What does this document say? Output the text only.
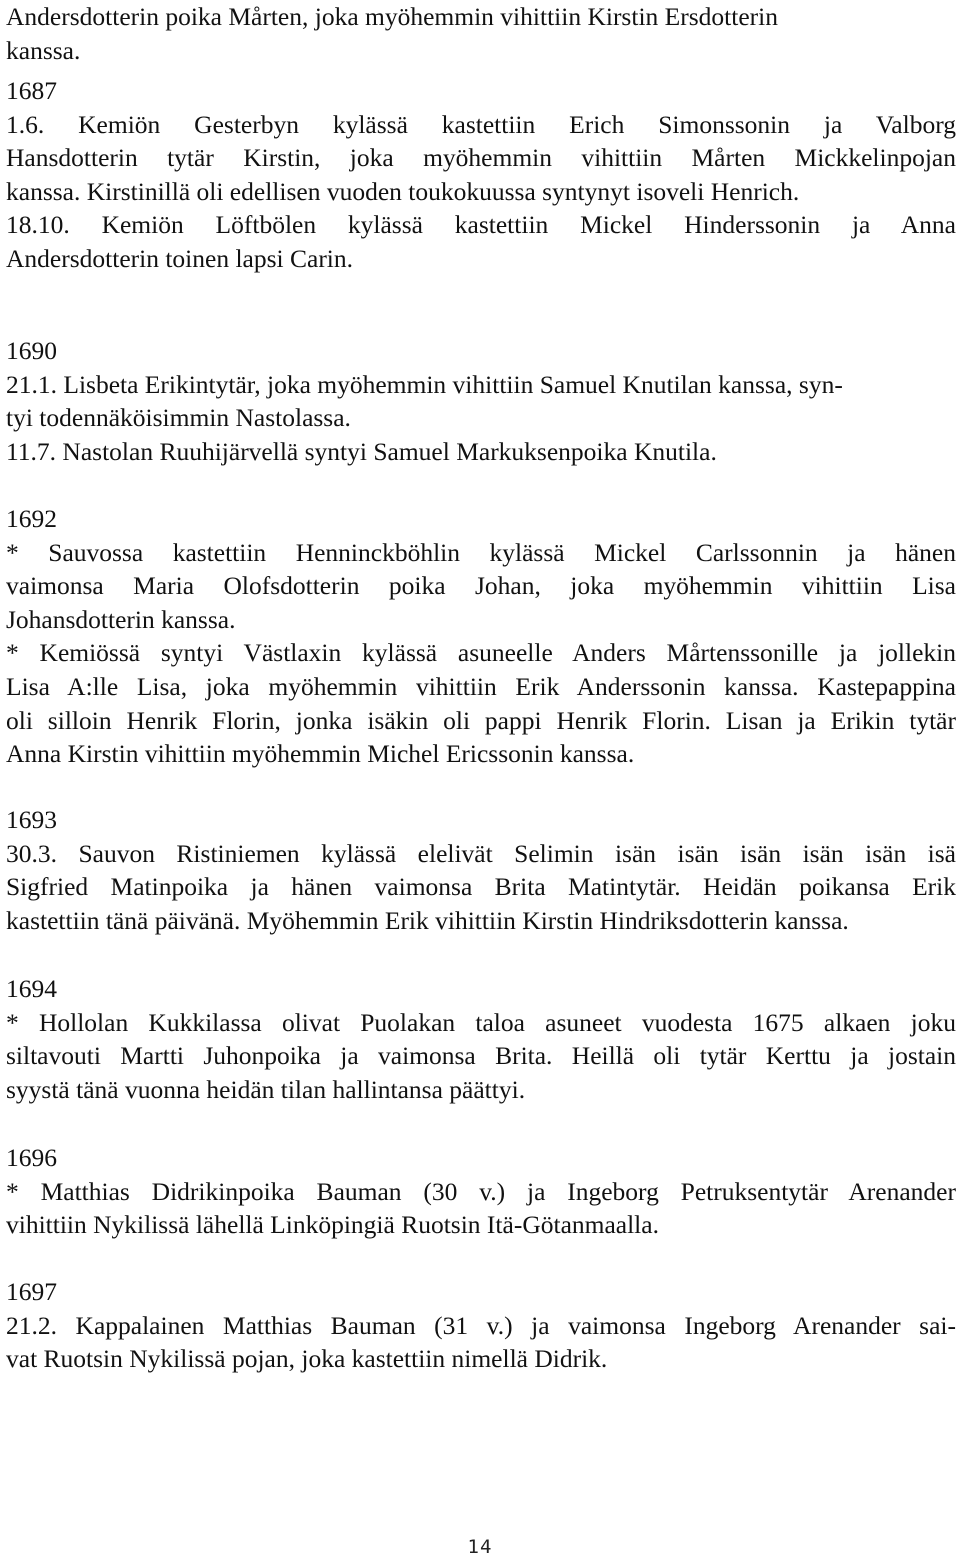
Andersdotterin poika Mårten, joka myöhemmin vihittiin Kirstin Ersdotterin
kanssa.
1687
1.6. Kemiön Gesterbyn kylässä kastettiin Erich Simonssonin ja Valborg
Hansdotterin tytär Kirstin, joka myöhemmin vihittiin Mårten Mickkelinpojan
kanssa. Kirstinillä oli edellisen vuoden toukokuussa syntynyt isoveli Henrich.
18.10. Kemiön Löftbölen kylässä kastettiin Mickel Hinderssonin ja Anna
Andersdotterin toinen lapsi Carin.
1690
21.1. Lisbeta Erikintytär, joka myöhemmin vihittiin Samuel Knutilan kanssa, syn-
tyi todennäköisimmin Nastolassa.
11.7. Nastolan Ruuhijärvellä syntyi Samuel Markuksenpoika Knutila.
1692
* Sauvossa kastettiin Henninckböhlin kylässä Mickel Carlssonnin ja hänen
vaimonsa Maria Olofsdotterin poika Johan, joka myöhemmin vihittiin Lisa
Johansdotterin kanssa.
* Kemiössä syntyi Västlaxin kylässä asuneelle Anders Mårtenssonille ja jollekin
Lisa A:lle Lisa, joka myöhemmin vihittiin Erik Anderssonin kanssa. Kastepappina
oli silloin Henrik Florin, jonka isäkin oli pappi Henrik Florin. Lisan ja Erikin tytär
Anna Kirstin vihittiin myöhemmin Michel Ericssonin kanssa.
1693
30.3. Sauvon Ristiniemen kylässä elelivät Selimin isän isän isän isän isän isä
Sigfried Matinpoika ja hänen vaimonsa Brita Matintytär. Heidän poikansa Erik
kastettiin tänä päivänä. Myöhemmin Erik vihittiin Kirstin Hindriksdotterin kanssa.
1694
* Hollolan Kukkilassa olivat Puolakan taloa asuneet vuodesta 1675 alkaen joku
siltavouti Martti Juhonpoika ja vaimonsa Brita. Heillä oli tytär Kerttu ja jostain
syystä tänä vuonna heidän tilan hallintansa päättyi.
1696
* Matthias Didrikinpoika Bauman (30 v.) ja Ingeborg Petruksentytär Arenander
vihittiin Nykilissä lähellä Linköpingiä Ruotsin Itä-Götanmaalla.
1697
21.2. Kappalainen Matthias Bauman (31 v.) ja vaimonsa Ingeborg Arenander sai-
vat Ruotsin Nykilissä pojan, joka kastettiin nimellä Didrik.
14
